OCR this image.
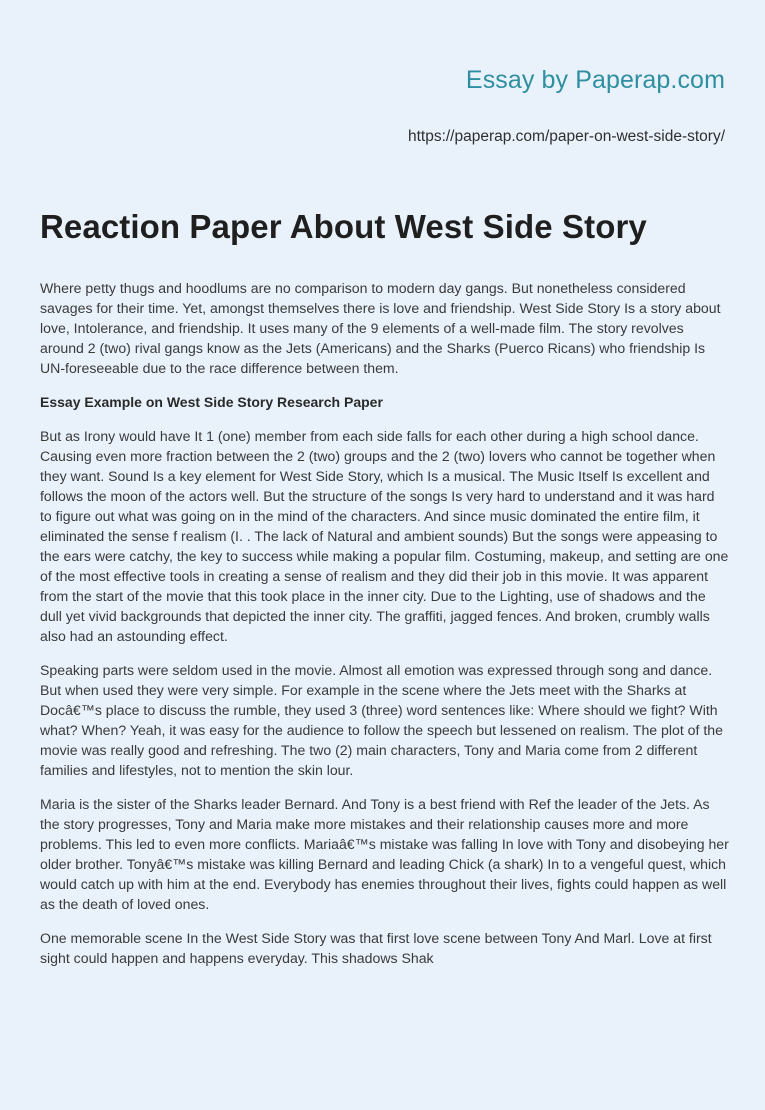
Essay by Paperap.com
https://paperap.com/paper-on-west-side-story/
Reaction Paper About West Side Story

Where petty thugs and hoodlums are no comparison to modern day gangs. But nonetheless considered savages for their time. Yet, amongst themselves there is love and friendship. West Side Story Is a story about love, Intolerance, and friendship. It uses many of the 9 elements of a well-made film. The story revolves around 2 (two) rival gangs know as the Jets (Americans) and the Sharks (Puerco Ricans) who friendship Is UN-foreseeable due to the race difference between them.

Essay Example on West Side Story Research Paper

But as Irony would have It 1 (one) member from each side falls for each other during a high school dance. Causing even more fraction between the 2 (two) groups and the 2 (two) lovers who cannot be together when they want. Sound Is a key element for West Side Story, which Is a musical. The Music Itself Is excellent and follows the moon of the actors well. But the structure of the songs Is very hard to understand and it was hard to figure out what was going on in the mind of the characters. And since music dominated the entire film, it eliminated the sense f realism (I. . The lack of Natural and ambient sounds) But the songs were appeasing to the ears were catchy, the key to success while making a popular film. Costuming, makeup, and setting are one of the most effective tools in creating a sense of realism and they did their job in this movie. It was apparent from the start of the movie that this took place in the inner city. Due to the Lighting, use of shadows and the dull yet vivid backgrounds that depicted the inner city. The graffiti, jagged fences. And broken, crumbly walls also had an astounding effect.

Speaking parts were seldom used in the movie. Almost all emotion was expressed through song and dance. But when used they were very simple. For example in the scene where the Jets meet with the Sharks at Docâ€™s place to discuss the rumble, they used 3 (three) word sentences like: Where should we fight? With what? When? Yeah, it was easy for the audience to follow the speech but lessened on realism. The plot of the movie was really good and refreshing. The two (2) main characters, Tony and Maria come from 2 different families and lifestyles, not to mention the skin lour.

Maria is the sister of the Sharks leader Bernard. And Tony is a best friend with Ref the leader of the Jets. As the story progresses, Tony and Maria make more mistakes and their relationship causes more and more problems. This led to even more conflicts. Mariaâ€™s mistake was falling In love with Tony and disobeying her older brother. Tonyâ€™s mistake was killing Bernard and leading Chick (a shark) In to a vengeful quest, which would catch up with him at the end. Everybody has enemies throughout their lives, fights could happen as well as the death of loved ones.

One memorable scene In the West Side Story was that first love scene between Tony And Marl. Love at first sight could happen and happens everyday. This shadows Shak
